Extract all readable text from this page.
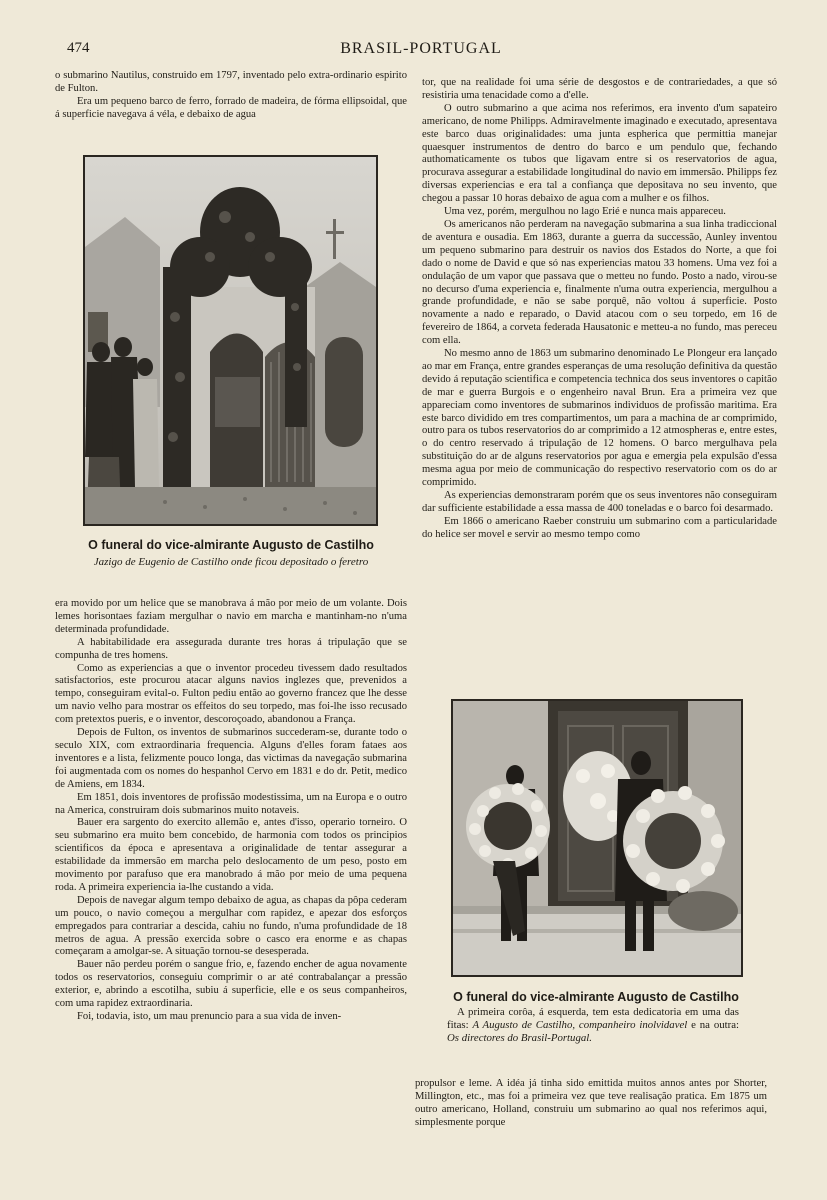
474	BRASIL-PORTUGAL

o submarino Nautilus, construido em 1797, inventado pelo extra-ordinario espirito de Fulton.

Era um pequeno barco de ferro, forrado de madeira, de fórma ellipsoidal, que á superficie navegava á véla, e debaixo de agua

O funeral do vice-almirante Augusto de Castilho
Jazigo de Eugenio de Castilho onde ficou depositado o feretro

era movido por um helice que se manobrava á mão por meio de um volante. Dois lemes horisontaes faziam mergulhar o navio em marcha e mantinham-no n'uma determinada profundidade.

A habitabilidade era assegurada durante tres horas á tripulação que se compunha de tres homens.

Como as experiencias a que o inventor procedeu tivessem dado resultados satisfactorios, este procurou atacar alguns navios inglezes que, prevenidos a tempo, conseguiram evital-o. Fulton pediu então ao governo francez que lhe desse um navio velho para mostrar os effeitos do seu torpedo, mas foi-lhe isso recusado com pretextos pueris, e o inventor, descoroçoado, abandonou a França.

Depois de Fulton, os inventos de submarinos succederam-se, durante todo o seculo XIX, com extraordinaria frequencia. Alguns d'elles foram fataes aos inventores e a lista, felizmente pouco longa, das victimas da navegação submarina foi augmentada com os nomes do hespanhol Cervo em 1831 e do dr. Petit, medico de Amiens, em 1834.

Em 1851, dois inventores de profissão modestissima, um na Europa e o outro na America, construiram dois submarinos muito notaveis.

Bauer era sargento do exercito allemão e, antes d'isso, operario torneiro. O seu submarino era muito bem concebido, de harmonia com todos os principios scientificos da época e apresentava a originalidade de tentar assegurar a estabilidade da immersão em marcha pelo deslocamento de um peso, posto em movimento por parafuso que era manobrado á mão por meio de uma pequena roda. A primeira experiencia ia-lhe custando a vida.

Depois de navegar algum tempo debaixo de agua, as chapas da pôpa cederam um pouco, o navio começou a mergulhar com rapidez, e apezar dos esforços empregados para contrariar a descida, cahiu no fundo, n'uma profundidade de 18 metros de agua. A pressão exercida sobre o casco era enorme e as chapas começaram a amolgar-se. A situação tornou-se desesperada.

Bauer não perdeu porém o sangue frio, e, fazendo encher de agua novamente todos os reservatorios, conseguiu comprimir o ar até contrabalançar a pressão exterior, e, abrindo a escotilha, subiu á superficie, elle e os seus companheiros, com uma rapidez extraordinaria.

Foi, todavia, isto, um mau prenuncio para a sua vida de inven-

tor, que na realidade foi uma série de desgostos e de contrariedades, a que só resistiria uma tenacidade como a d'elle.

O outro submarino a que acima nos referimos, era invento d'um sapateiro americano, de nome Philipps. Admiravelmente imaginado e executado, apresentava este barco duas originalidades: uma junta espherica que permittia manejar quaesquer instrumentos de dentro do barco e um pendulo que, fechando authomaticamente os tubos que ligavam entre si os reservatorios de agua, procurava assegurar a estabilidade longitudinal do navio em immersão. Philipps fez diversas experiencias e era tal a confiança que depositava no seu invento, que chegou a passar 10 horas debaixo de agua com a mulher e os filhos.

Uma vez, porém, mergulhou no lago Erié e nunca mais appareceu.

Os americanos não perderam na navegação submarina a sua linha tradiccional de aventura e ousadia. Em 1863, durante a guerra da successão, Aunley inventou um pequeno submarino para destruir os navios dos Estados do Norte, a que foi dado o nome de David e que só nas experiencias matou 33 homens. Uma vez foi a ondulação de um vapor que passava que o metteu no fundo. Posto a nado, virou-se no decurso d'uma experiencia e, finalmente n'uma outra experiencia, mergulhou a grande profundidade, e não se sabe porquê, não voltou á superficie. Posto novamente a nado e reparado, o David atacou com o seu torpedo, em 16 de fevereiro de 1864, a corveta federada Hausatonic e metteu-a no fundo, mas pereceu com ella.

No mesmo anno de 1863 um submarino denominado Le Plongeur era lançado ao mar em França, entre grandes esperanças de uma resolução definitiva da questão devido á reputação scientifica e competencia technica dos seus inventores o capitão de mar e guerra Burgois e o engenheiro naval Brun. Era a primeira vez que appareciam como inventores de submarinos individuos de profissão maritima. Era este barco dividido em tres compartimentos, um para a machina de ar comprimido, outro para os tubos reservatorios do ar comprimido a 12 atmospheras e, entre estes, o do centro reservado á tripulação de 12 homens. O barco mergulhava pela substituição do ar de alguns reservatorios por agua e emergia pela expulsão d'essa mesma agua por meio de communicação do respectivo reservatorio com os do ar comprimido.

As experiencias demonstraram porém que os seus inventores não conseguiram dar sufficiente estabilidade a essa massa de 400 toneladas e o barco foi desarmado.

Em 1866 o americano Raeber construiu um submarino com a particularidade do helice ser movel e servir ao mesmo tempo como

O funeral do vice-almirante Augusto de Castilho
A primeira corôa, á esquerda, tem esta dedicatoria em uma das fitas: A Augusto de Castilho, companheiro inolvidavel e na outra: Os directores do Brasil-Portugal.

propulsor e leme. A idéa já tinha sido emittida muitos annos antes por Shorter, Millington, etc., mas foi a primeira vez que teve realisação pratica. Em 1875 um outro americano, Holland, construiu um submarino ao qual nos referimos aqui, simplesmente porque
